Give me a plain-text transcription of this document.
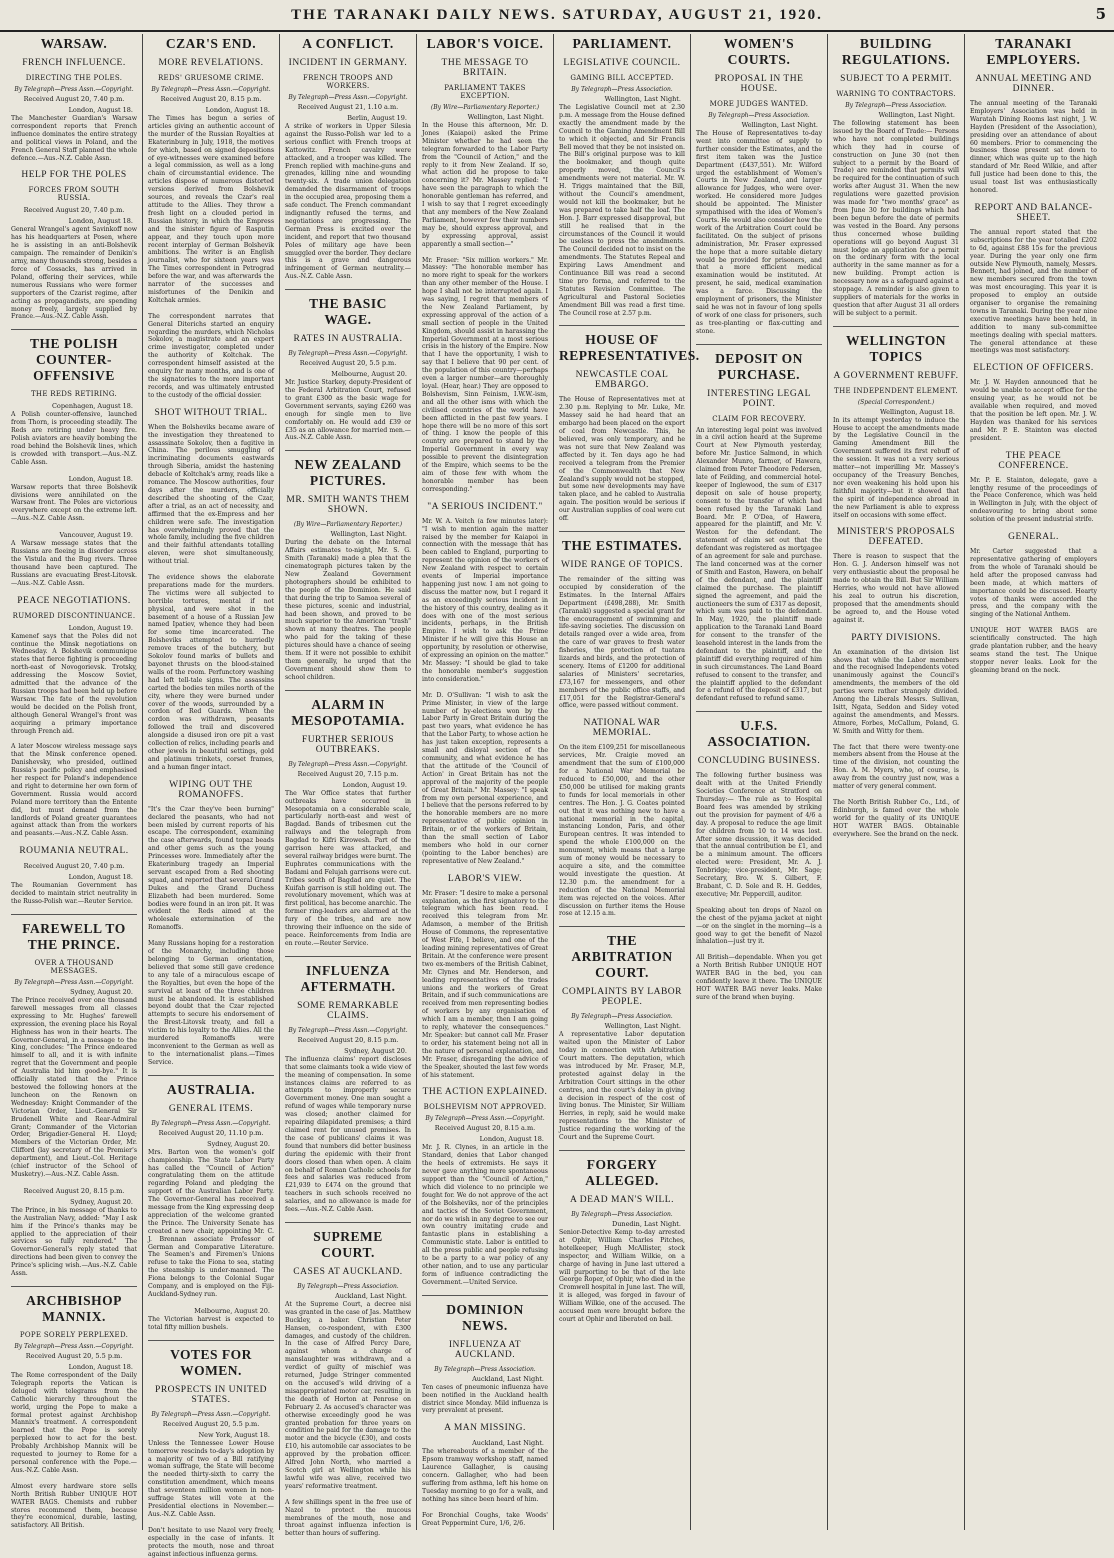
THE TARANAKI DAILY NEWS. SATURDAY, AUGUST 21, 1920.	5
WARSAW.
FRENCH INFLUENCE.
DIRECTING THE POLES.
By Telegraph—Press Assn.—Copyright.
Received August 20, 7.40 p.m.
London, August 18.

The Manchester Guardian's Warsaw correspondent reports that French influence dominates the entire strategy and political views in Poland, and the French General Staff planned the whole defence.—Aus.-N.Z. Cable Assn.

HELP FOR THE POLES
FORCES FROM SOUTH RUSSIA.
Received August 20, 7.40 p.m.
London, August 18.

General Wrangel's agent Savinkoff now has his headquarters at Posen, where he is assisting in an anti-Bolshevik campaign. The remainder of Denikin's army, many thousands strong, besides a force of Cossacks, has arrived in Poland, offering their services, while numerous Russians who were former supporters of the Czarist regime, after acting as propagandists, are spending money freely, largely supplied by France.—Aus.-N.Z. Cable Assn.

THE POLISH COUNTER-OFFENSIVE
THE REDS RETIRING.
Copenhagen, August 18.

A Polish counter-offensive, launched from Thorn, is proceeding steadily. The Reds are retiring under heavy fire. Polish aviators are heavily bombing the road behind the Bolshevik lines, which is crowded with transport.—Aus.-N.Z. Cable Assn.

London, August 18.

Warsaw reports that three Bolshevik divisions were annihilated on the Warsaw front. The Poles are victorious everywhere except on the extreme left.—Aus.-N.Z. Cable Assn.

Vancouver, August 19.

A Warsaw message states that the Russians are fleeing in disorder across the Vistula and the Bug rivers. Three thousand have been captured. The Russians are evacuating Brest-Litovsk.—Aus.-N.Z. Cable Assn.

PEACE NEGOTIATIONS.
RUMORED DISCONTINUANCE.
London, August 19.

Kamenef says that the Poles did not continue the Minsk negotiations on Wednesday. A Bolshevik communique states that fierce fighting is proceeding north-east of Novogorievsk. Trotsky, addressing the Moscow Soviet, admitted that the advance of the Russian troops had been held up before Warsaw. The fate of the revolution would be decided on the Polish front, although General Wrangel's front was acquiring a primary importance through French aid.

A later Moscow wireless message says that the Minsk conference opened. Danishevsky, who presided, outlined Russia's pacific policy and emphasised her respect for Poland's independence and right to determine her own form of Government. Russia would accord Poland more territory than the Entente did, but must demand from the landlords of Poland greater guarantees against attack than from the workers and peasants.—Aus.-N.Z. Cable Assn.

ROUMANIA NEUTRAL.
Received August 20, 7.40 p.m.
London, August 18.

The Roumanian Government has decided to maintain strict neutrality in the Russo-Polish war.—Reuter Service.

FAREWELL TO THE PRINCE.
OVER A THOUSAND MESSAGES.
By Telegraph—Press Assn.—Copyright.
Sydney, August 20.

The Prince received over one thousand farewell messages from all classes expressing to Mr. Hughes' farewell expression, the evening place his Royal Highness has won in their hearts. The Governor-General, in a message to the King, concludes: "The Prince endeared himself to all, and it is with infinite regret that the Government and people of Australia bid him good-bye." It is officially stated that the Prince bestowed the following honors at the luncheon on the Renown on Wednesday: Knight Commander of the Victorian Order, Lieut.-General Sir Brudenell White and Rear-Admiral Grant; Commander of the Victorian Order, Brigadier-General H. Lloyd; Members of the Victorian Order, Mr. Clifford (lay secretary of the Premier's department), and Lieut.-Col. Heritage (chief instructor of the School of Musketry).—Aus.-N.Z. Cable Assn.

Received August 20, 8.15 p.m.
Sydney, August 20.

The Prince, in his message of thanks to the Australian Navy, added: "May I ask him if the Prince's thanks may be applied to the appreciation of their services so fully rendered." The Governor-General's reply stated that directions had been given to convey the Prince's splicing wish.—Aus.-N.Z. Cable Assn.

ARCHBISHOP MANNIX.
POPE SORELY PERPLEXED.
By Telegraph—Press Assn.—Copyright.
Received August 20, 5.5 p.m.
London, August 18.

The Rome correspondent of the Daily Telegraph reports the Vatican is deluged with telegrams from the Catholic hierarchy throughout the world, urging the Pope to make a formal protest against Archbishop Mannix's treatment. A correspondent learned that the Pope is sorely perplexed how to act for the best. Probably Archbishop Mannix will be requested to journey to Rome for a personal conference with the Pope.—Aus.-N.Z. Cable Assn.

Almost every hardware store sells North British Rubber UNIQUE HOT WATER BAGS. Chemists and rubber stores recommend them, because they're economical, durable, lasting, satisfactory. All British.

CZAR'S END.
MORE REVELATIONS.
REDS' GRUESOME CRIME.
By Telegraph—Press Assn.—Copyright.
Received August 20, 8.15 p.m.
London, August 18.

The Times has begun a series of articles giving an authentic account of the murder of the Russian Royalties at Ekaterinburg in July, 1918, the motives for which, based on signed depositions of eye-witnesses were examined before a legal commission, as well as a long chain of circumstantial evidence. The articles dispose of numerous distorted versions derived from Bolshevik sources, and reveals the Czar's real attitude to the Allies. They throw a fresh light on a clouded period in Russian history, in which the Empress and the sinister figure of Rasputin appear, and they touch upon more recent interplay of German Bolshevik ambitions. The writer is an English journalist, who for sixteen years was The Times correspondent in Petrograd before the war, and was afterwards the narrator of the successes and misfortunes of the Denikin and Koltchak armies.

The correspondent narrates that General Diterichs started an enquiry regarding the murders, which Nicholas Sokolov, a magistrate and an expert crime investigator, completed under the authority of Koltchak. The correspondent himself assisted at the enquiry for many months, and is one of the signatories to the more important records, and was ultimately entrusted to the custody of the official dossier.

SHOT WITHOUT TRIAL.

When the Bolsheviks became aware of the investigation they threatened to assassinate Sokolov, then a fugitive in China. The perilous smuggling of incriminating documents eastwards through Siberia, amidst the hastening debacle of Koltchak's army, reads like a romance. The Moscow authorities, four days after the murders, officially described the shooting of the Czar, after a trial, as an act of necessity, and affirmed that the ex-Empress and her children were safe. The investigation has overwhelmingly proved that the whole family, including the five children and their faithful attendants totalling eleven, were shot simultaneously, without trial.

The evidence shows the elaborate preparations made for the murders. The victims were all subjected to horrible tortures, mental if not physical, and were shot in the basement of a house of a Russian Jew named Ipatiev, whence they had been for some time incarcerated. The Bolsheviks attempted to hurriedly remove traces of the butchery, but Sokolov found marks of bullets and bayonet thrusts on the blood-stained walls of the room. Perfunctory washing had left tell-tale signs. The assassins carted the bodies ten miles north of the city, where they were burned under cover of the woods, surrounded by a cordon of Red Guards. When the cordon was withdrawn, peasants followed the trail and discovered alongside a disused iron ore pit a vast collection of relics, including pearls and other jewels in beautiful settings, gold and platinum trinkets, corset frames, and a human finger intact.

WIPING OUT THE ROMANOFFS.

"It's the Czar they've been burning" declared the peasants, who had not been misled by current reports of his escape. The correspondent, examining the case afterwards, found topaz beads and other gems such as the young Princesses wore. Immediately after the Ekaterinburg tragedy an Imperial servant escaped from a Red shooting squad, and reported that several Grand Dukes and the Grand Duchess Elizabeth had been murdered. Some bodies were found in an iron pit. It was evident the Reds aimed at the wholesale extermination of the Romanoffs.

Many Russians hoping for a restoration of the Monarchy, including those belonging to German orientation, believed that some still gave credence to any tale of a miraculous escape of the Royalties, but even the hope of the survival at least of the three children must be abandoned. It is established beyond doubt that the Czar rejected attempts to secure his endorsement of the Brest-Litovsk treaty, and fell a victim to his loyalty to the Allies. All the murdered Romanoffs were inconvenient to the German as well as to the internationalist plans.—Times Service.

AUSTRALIA.
GENERAL ITEMS.
By Telegraph—Press Assn.—Copyright.
Received August 20, 11.10 p.m.
Sydney, August 20.

Mrs. Barton won the women's golf championship. The State Labor Party has called the "Council of Action" congratulating them on the attitude regarding Poland and pledging the support of the Australian Labor Party. The Governor-General has received a message from the King expressing deep appreciation of the welcome granted the Prince. The University Senate has created a new chair, appointing Mr. C. J. Brennan associate Professor of German and Comparative Literature. The Seamen's and Firemen's Unions refuse to take the Fiona to sea, stating the steamship is under-manned. The Fiona belongs to the Colonial Sugar Company, and is employed on the Fiji-Auckland-Sydney run.

Melbourne, August 20.

The Victorian harvest is expected to total fifty million bushels.

VOTES FOR WOMEN.
PROSPECTS IN UNITED STATES.
By Telegraph—Press Assn.—Copyright.
Received August 20, 5.5 p.m.
New York, August 18.

Unless the Tennessee Lower House tomorrow rescinds to-day's adoption by a majority of two of a Bill ratifying woman suffrage, the State will become the needed thirty-sixth to carry the constitution amendment, which means that seventeen million women in non-suffrage States will vote at the Presidential elections in November.—Aus.-N.Z. Cable Assn.

Don't hesitate to use Nazol very freely, especially in the case of infants. It protects the mouth, nose and throat against infectious influenza germs.

A CONFLICT.
INCIDENT IN GERMANY.
FRENCH TROOPS AND WORKERS.
By Telegraph—Press Assn.—Copyright.
Received August 21, 1.10 a.m.
Berlin, August 19.

A strike of workers in Upper Silesia against the Russo-Polish war led to a serious conflict with French troops at Kattowitz. French cavalry were attacked, and a trooper was killed. The French replied with machine-guns and grenades, killing nine and wounding twenty-six. A trade union delegation demanded the disarmament of troops in the occupied area, proposing them a safe conduct. The French commandant indignantly refused the terms, and negotiations are progressing. The German Press is excited over the incident, and report that two thousand Poles of military age have been smuggled over the border. They declare this is a grave and dangerous infringement of German neutrality.—Aus.-N.Z. Cable Assn.

THE BASIC WAGE.
RATES IN AUSTRALIA.
By Telegraph—Press Assn.—Copyright.
Received August 20, 5.5 p.m.
Melbourne, August 20.

Mr. Justice Starkey, deputy-President of the Federal Arbitration Court, refused to grant £300 as the basic wage for Government servants, saying £260 was enough for single men to live comfortably on. He would add £39 or £35 as an allowance for married men.—Aus.-N.Z. Cable Assn.

NEW ZEALAND PICTURES.
MR. SMITH WANTS THEM SHOWN.
(By Wire—Parliamentary Reporter.)
Wellington, Last Night.

During the debate on the Internal Affairs estimates to-night, Mr. S. G. Smith (Taranaki) made a plea that the cinematograph pictures taken by the New Zealand Government photographers should be exhibited to the people of the Dominion. He said that during the trip to Samoa several of these pictures, scenic and industrial, had been shown, and proved to be much superior to the American "trash" shown at many theatres. The people who paid for the taking of these pictures should have a chance of seeing them. If it were not possible to exhibit them generally, he urged that the Government should show them to school children.

ALARM IN MESOPOTAMIA.
FURTHER SERIOUS OUTBREAKS.
By Telegraph—Press Assn.—Copyright.
Received August 20, 7.15 p.m.
London, August 19.

The War Office states that further outbreaks have occurred in Mesopotamia on a considerable scale, particularly north-east and west of Bagdad. Bands of tribesmen cut the railways and the telegraph from Bagdad to Kifri Kirowesh. Part of the garrison here was attacked, and several railway bridges were burnt. The Euphrates communications with the Badami and Felujah garrisons were cut. Tribes south of Bagdad are quiet. The Kuifah garrison is still holding out. The revolutionary movement, which was at first political, has become anarchic. The former ring-leaders are alarmed at the fury of the tribes, and are now throwing their influence on the side of peace. Reinforcements from India are en route.—Reuter Service.

INFLUENZA AFTERMATH.
SOME REMARKABLE CLAIMS.
By Telegraph—Press Assn.—Copyright.
Received August 20, 8.15 p.m.
Sydney, August 20.

The influenza claims' report discloses that some claimants took a wide view of the meaning of compensation. In some instances claims are referred to as attempts to improperly secure Government money. One man sought a refund of wages while temporary nurse was closed; another claimed for repairing dilapidated premises; a third claimed rent for unused premises. In the case of publicans' claims it was found that numbers did better business during the epidemic with their front doors closed than when open. A claim on behalf of Roman Catholic schools for fees and salaries was reduced from £21,939 to £474 on the ground that teachers in such schools received no salaries, and no allowance is made for fees.—Aus.-N.Z. Cable Assn.

SUPREME COURT.
CASES AT AUCKLAND.
By Telegraph—Press Association.
Auckland, Last Night.

At the Supreme Court, a decree nisi was granted in the case of Jas. Matthew Buckley, a baker. Christian Peter Hansen, co-respondent, with £300 damages, and custody of the children. In the case of Alfred Percy Dare, against whom a charge of manslaughter was withdrawn, and a verdict of guilty of mischief was returned, Judge Stringer commented on the accused's wild driving of a misappropriated motor car, resulting in the death of Horton at Penrose on February 2. As accused's character was otherwise exceedingly good he was granted probation for three years on condition he paid for the damage to the motor and the bicycle (£30), and costs £10, his automobile car associates to be approved by the probation officer. Alfred John North, who married a Scotch girl at Wellington while his lawful wife was alive, received two years' reformative treatment.

A few shillings spent in the free use of Nazol to protect the mucous membranes of the mouth, nose and throat against influenza infection is better than hours of suffering.

LABOR'S VOICE.
THE MESSAGE TO BRITAIN.
PARLIAMENT TAKES EXCEPTION.
(By Wire—Parliamentary Reporter.)
Wellington, Last Night.

In the House this afternoon, Mr. D. Jones (Kaiapoi) asked the Prime Minister whether he had seen the telegram forwarded to the Labor Party from the "Council of Action," and the reply to it from New Zealand. If so, what action did he propose to take concerning it? Mr. Massey replied: "I have seen the paragraph to which the honorable gentleman has referred, and I wish to say that I regret exceedingly that any members of the New Zealand Parliament, however few their numbers may be, should express approval, and by expressing approval, assist apparently a small section—"

Mr. Fraser: "Six million workers." Mr. Massey: "The honorable member has no more right to speak for the workers than any other member of the House. I hope I shall not be interrupted again. I was saying, I regret that members of the New Zealand Parliament, by expressing approval of the action of a small section of people in the United Kingdom, should assist in harassing the Imperial Government at a most serious crisis in the history of the Empire. Now that I have the opportunity, I wish to say that I believe that 90 per cent. of the population of this country—perhaps even a larger number—are thoroughly loyal. (Hear, hear.) They are opposed to Bolshevism, Sinn Feinism, I.W.W.-ism, and all the other isms with which the civilised countries of the world have been afflicted in the past few years. I hope there will be no more of this sort of thing. I know the people of this country are prepared to stand by the Imperial Government in every way possible to prevent the disintegration of the Empire, which seems to be the aim of those few with whom the honorable member has been corresponding."

"A SERIOUS INCIDENT."

Mr. W. A. Veitch (a few minutes later): "I wish to mention again the matter raised by the member for Kaiapoi in connection with the message that has been cabled to England, purporting to represent the opinion of the workers of New Zealand with respect to certain events of Imperial importance happening just now. I am not going to discuss the matter now, but I regard it as an exceedingly serious incident in the history of this country, dealing as it does with one of the most serious incidents, perhaps, in the British Empire. I wish to ask the Prime Minister if he will give this House an opportunity, by resolution or otherwise, of expressing an opinion on the matter." Mr. Massey: "I should be glad to take the honorable member's suggestion into consideration."

Mr. D. O'Sullivan: "I wish to ask the Prime Minister, in view of the large number of by-elections won by the Labor Party in Great Britain during the past two years, what evidence he has that the Labor Party, to whose action he has just taken exception, represents a small and disloyal section of the community, and what evidence he has that the attitude of the 'Council of Action' in Great Britain has not the approval of the majority of the people of Great Britain." Mr. Massey: "I speak from my own personal experience, and I believe that the persons referred to by the honorable members are no more representative of public opinion in Britain, or of the workers of Britain, than the small section of Labor members who hold in our corner (pointing to the Labor benches) are representative of New Zealand."

LABOR'S VIEW.

Mr. Fraser: "I desire to make a personal explanation, as the first signatory to the telegram which has been read. I received this telegram from Mr. Adamson, a member of the British House of Commons, the representative of West Fife, I believe, and one of the leading mining representatives of Great Britain. At the conference were present two ex-members of the British Cabinet, Mr. Clynes and Mr. Henderson, and leading representatives of the trades unions and the workers of Great Britain, and if such communications are received from men representing bodies of workers by any organisation of which I am a member, then I am going to reply, whatever the consequences." Mr. Speaker: but cannot call Mr. Fraser to order, his statement being not all in the nature of personal explanation, and Mr. Fraser, disregarding the advice of the Speaker, shouted the last few words of his statement.

THE ACTION EXPLAINED.
BOLSHEVISM NOT APPROVED.
By Telegraph—Press Assn.—Copyright.
Received August 20, 8.15 a.m.
London, August 18.

Mr. J. R. Clynes, in an article in the Standard, denies that Labor changed the heels of extremists. He says it never gave anything more spontaneous support than the "Council of Action," which did violence to no principle we fought for. We do not approve of the act of the Bolsheviks, nor of the principles and tactics of the Soviet Government, nor do we wish in any degree to see our own country imitating crude and fantastic plans in establishing a Communistic state. Labor is entitled to all the press public and people refusing to be a party to a war policy of any other nation, and to use any particular form of influence contradicting the Government.—United Service.

DOMINION NEWS.
INFLUENZA AT AUCKLAND.
By Telegraph—Press Association.
Auckland, Last Night.

Ten cases of pneumonic influenza have been notified in the Auckland health district since Monday. Mild influenza is very prevalent at present.

A MAN MISSING.
Auckland, Last Night.

The whereabouts of a member of the Epsom tramway workshop staff, named Laurence Gallagher, is causing concern. Gallagher, who had been suffering from asthma, left his home on Tuesday morning to go for a walk, and nothing has since been heard of him.

For Bronchial Coughs, take Woods' Great Peppermint Cure, 1/6, 2/6.

PARLIAMENT.
LEGISLATIVE COUNCIL.
GAMING BILL ACCEPTED.
By Telegraph—Press Association.
Wellington, Last Night.

The Legislative Council met at 2.30 p.m. A message from the House defined exactly the amendment made by the Council to the Gaming Amendment Bill to which it objected, and Sir Francis Bell moved that they be not insisted on. The Bill's original purpose was to kill the bookmaker, and though quite properly moved, the Council's amendments were not material. Mr. W. H. Triggs maintained that the Bill, without the Council's amendment, would not kill the bookmaker, but he was prepared to take half the loaf. The Hon. J. Barr expressed disapproval, but still he realised that in the circumstances of the Council it would be useless to press the amendments. The Council decided not to insist on the amendments. The Statutes Repeal and Expiring Laws Amendment and Continuance Bill was read a second time pro forma, and referred to the Statutes Revision Committee. The Agricultural and Pastoral Societies Amendment Bill was read a first time. The Council rose at 2.57 p.m.

HOUSE OF REPRESENTATIVES.
NEWCASTLE COAL EMBARGO.

The House of Representatives met at 2.30 p.m. Replying to Mr. Luke, Mr. Massey said he had heard that an embargo had been placed on the export of coal from Newcastle. This, he believed, was only temporary, and he was not sure that New Zealand was affected by it. Ten days ago he had received a telegram from the Premier of the Commonwealth that New Zealand's supply would not be stopped, but some new developments may have taken place, and he cabled to Australia again. The position would be serious if our Australian supplies of coal were cut off.

THE ESTIMATES.
WIDE RANGE OF TOPICS.

The remainder of the sitting was occupied by consideration of the Estimates. In the Internal Affairs Department (£498,288), Mr. Smith (Taranaki) suggested a special grant for the encouragement of swimming and life-saving societies. The discussion on details ranged over a wide area, from the care of war graves to fresh water fisheries, the protection of tuatara lizards and birds, and the protection of scenery. Items of £1200 for additional salaries of Ministers' secretaries, £73,167 for messengers, and other members of the public office staffs, and £17,051 for the Registrar-General's office, were passed without comment.

NATIONAL WAR MEMORIAL.

On the item £109,251 for miscellaneous services, Mr. Craigie moved an amendment that the sum of £100,000 for a National War Memorial be reduced to £50,000, and the other £50,000 be utilised for making grants to funds for local memorials in other centres. The Hon. J. G. Coates pointed out that it was nothing new to have a national memorial in the capital, instancing London, Paris, and other European centres. It was intended to spend the whole £100,000 on the monument, which means that a large sum of money would be necessary to acquire a site, and the committee would investigate the question. At 12.30 p.m. the amendment for a reduction of the National Memorial item was rejected on the voices. After discussion on further items the House rose at 12.15 a.m.

THE ARBITRATION COURT.
COMPLAINTS BY LABOR PEOPLE.
By Telegraph—Press Association.
Wellington, Last Night.

A representative Labor deputation waited upon the Minister of Labor today in connection with Arbitration Court matters. The deputation, which was introduced by Mr. Fraser, M.P., protested against delay in the Arbitration Court sittings in the other centres, and the court's delay in giving a decision in respect of the cost of living bonus. The Minister, Sir William Herries, in reply, said he would make representations to the Minister of Justice regarding the working of the Court and the Supreme Court.

FORGERY ALLEGED.
A DEAD MAN'S WILL.
By Telegraph—Press Association.
Dunedin, Last Night.

Senior-Detective Kemp to-day arrested at Ophir, William Charles Pitches, hotelkeeper, Hugh McAllister, stock inspector, and William Wilkie, on a charge of having in June last uttered a will purporting to be that of the late George Roper, of Ophir, who died in the Cromwell hospital in June last. The will, it is alleged, was forged in favour of William Wilkie, one of the accused. The accused men were brought before the court at Ophir and liberated on bail.

WOMEN'S COURTS.
PROPOSAL IN THE HOUSE.
MORE JUDGES WANTED.
By Telegraph—Press Association.
Wellington, Last Night.

The House of Representatives to-day went into committee of supply to further consider the Estimates, and the first item taken was the Justice Department (£437,551). Mr. Wilford urged the establishment of Women's Courts in New Zealand, and larger allowance for Judges, who were over-worked. He considered more Judges should be appointed. The Minister sympathised with the idea of Women's Courts. He would also consider how the work of the Arbitration Court could be facilitated. On the subject of prisons administration, Mr. Fraser expressed the hope that a more suitable dietary would be provided for prisoners, and that a more efficient medical examination would be instituted. At present, he said, medical examination was a farce. Discussing the employment of prisoners, the Minister said he was not in favour of long spells of work of one class for prisoners, such as tree-planting or flax-cutting and stone.

DEPOSIT ON PURCHASE.
INTERESTING LEGAL POINT.
CLAIM FOR RECOVERY.

An interesting legal point was involved in a civil action heard at the Supreme Court at New Plymouth yesterday, before Mr. Justice Salmond, in which Alexander Munro, farmer, of Hawera, claimed from Peter Theodore Pedersen, late of Feilding, and commercial hotel-keeper of Inglewood, the sum of £317 deposit on sale of house property, consent to the transfer of which had been refused by the Taranaki Land Board. Mr. P. O'Dea, of Hawera, appeared for the plaintiff, and Mr. V. Weston for the defendant. The statement of claim set out that the defendant was registered as mortgagee of an agreement for sale and purchase. The land concerned was at the corner of Smith and Easton, Hawera, on behalf of the defendant, and the plaintiff claimed the purchase. The plaintiff signed the agreement, and paid the auctioneers the sum of £317 as deposit, which sum was paid to the defendant. In May, 1920, the plaintiff made application to the Taranaki Land Board for consent to the transfer of the leasehold interest in the lands from the defendant to the plaintiff, and the plaintiff did everything required of him in such circumstances. The Land Board refused to consent to the transfer, and the plaintiff applied to the defendant for a refund of the deposit of £317, but defendant refused to refund same.

U.F.S. ASSOCIATION.
CONCLUDING BUSINESS.

The following further business was dealt with at the United Friendly Societies Conference at Stratford on Thursday:— The rule as to Hospital Board fees was amended by striking out the provision for payment of 4/6 a day. A proposal to reduce the age limit for children from 10 to 14 was lost. After some discussion, it was decided that the annual contribution be £1, and be a minimum amount. The officers elected were: President, Mr. A. J. Tonbridge; vice-president, Mr. Sage; Secretary, Bro. W. S. Gilbert, F. Brabant, C. D. Sole and R. H. Geddes, executive; Mr. Peppercill, auditor.

Speaking about ten drops of Nazol on the chest of the pyjama jacket at night—or on the singlet in the morning—is a good way to get the benefit of Nazol inhalation—just try it.

All British—dependable. When you get a North British Rubber UNIQUE HOT WATER BAG in the bed, you can confidently leave it there. The UNIQUE HOT WATER BAG never leaks. Make sure of the brand when buying.

BUILDING REGULATIONS.
SUBJECT TO A PERMIT.
WARNING TO CONTRACTORS.
By Telegraph—Press Association.
Wellington, Last Night.

The following statement has been issued by the Board of Trade:— Persons who have not completed buildings which they had in course of construction on June 30 (not then subject to a permit by the Board of Trade) are reminded that permits will be required for the continuation of such works after August 31. When the new regulations were gazetted provision was made for "two months' grace" as from June 30 for buildings which had been begun before the date of permits was vested in the Board. Any persons thus concerned whose building operations will go beyond August 31 must lodge an application for a permit on the ordinary form with the local authority in the same manner as for a new building. Prompt action is necessary now as a safeguard against a stoppage. A reminder is also given to suppliers of materials for the works in question that after August 31 all orders will be subject to a permit.

WELLINGTON TOPICS
A GOVERNMENT REBUFF.
THE INDEPENDENT ELEMENT.
(Special Correspondent.)
Wellington, August 18.

In its attempt yesterday to induce the House to accept the amendments made by the Legislative Council in the Gaming Amendment Bill the Government suffered its first rebuff of the session. It was not a very serious matter—not imperilling Mr. Massey's occupancy of the Treasury Benches, nor even weakening his hold upon his faithful majority—but it showed that the spirit of independence abroad in the new Parliament is able to express itself on occasions with some effect.

MINISTER'S PROPOSALS DEFEATED.

There is reason to suspect that the Hon. G. J. Anderson himself was not very enthusiastic about the proposal he made to obtain the Bill. But Sir William Herries, who would not have allowed his zeal to outrun his discretion, proposed that the amendments should be agreed to, and the House voted against it.

PARTY DIVISIONS.

An examination of the division list shows that while the Labor members and the recognised Independents voted unanimously against the Council's amendments, the members of the old parties were rather strangely divided. Among the Liberals Messrs. Sullivan, Isitt, Ngata, Seddon and Sidey voted against the amendments, and Messrs. Atmore, Forbes, McCallum, Poland, G. W. Smith and Witty for them.

The fact that there were twenty-one members absent from the House at the time of the division, not counting the Hon. A. M. Myers, who, of course, is away from the country just now, was a matter of very general comment.

The North British Rubber Co., Ltd., of Edinburgh, is famed over the whole world for the quality of its UNIQUE HOT WATER BAGS. Obtainable everywhere. See the brand on the neck.

TARANAKI EMPLOYERS.
ANNUAL MEETING AND DINNER.

The annual meeting of the Taranaki Employers' Association was held in Waratah Dining Rooms last night, J. W. Hayden (President of the Association), presiding over an attendance of about 60 members. Prior to commencing the business those present sat down to dinner, which was quite up to the high standard of Mr. Reed Wilkie, and after full justice had been done to this, the usual toast list was enthusiastically honored.

REPORT AND BALANCE-SHEET.

The annual report stated that the subscriptions for the year totalled £202 to 6d, against £88 15s for the previous year. During the year only one firm outside New Plymouth, namely, Messrs. Bennett, had joined, and the number of new members secured from the town was most encouraging. This year it is proposed to employ an outside organiser to organise the remaining towns in Taranaki. During the year nine executive meetings have been held, in addition to many sub-committee meetings dealing with special matters. The general attendance at these meetings was most satisfactory.

ELECTION OF OFFICERS.

Mr. J. W. Hayden announced that he would be unable to accept office for the ensuing year, as he would not be available when required, and moved that the position be left open. Mr. J. W. Hayden was thanked for his services and Mr. P. E. Stainton was elected president.

THE PEACE CONFERENCE.

Mr. P. E. Stainton, delegate, gave a lengthy resume of the proceedings of the Peace Conference, which was held in Wellington in July, with the object of endeavouring to bring about some solution of the present industrial strife.

GENERAL.

Mr. Carter suggested that a representative gathering of employers from the whole of Taranaki should be held after the proposed canvass had been made, at which matters of importance could be discussed. Hearty votes of thanks were accorded the press, and the company with the singing of the National Anthem.

UNIQUE HOT WATER BAGS are scientifically constructed. The high grade plantation rubber, and the heavy seams stand the test. The Unique stopper never leaks. Look for the gleaming brand on the neck.
